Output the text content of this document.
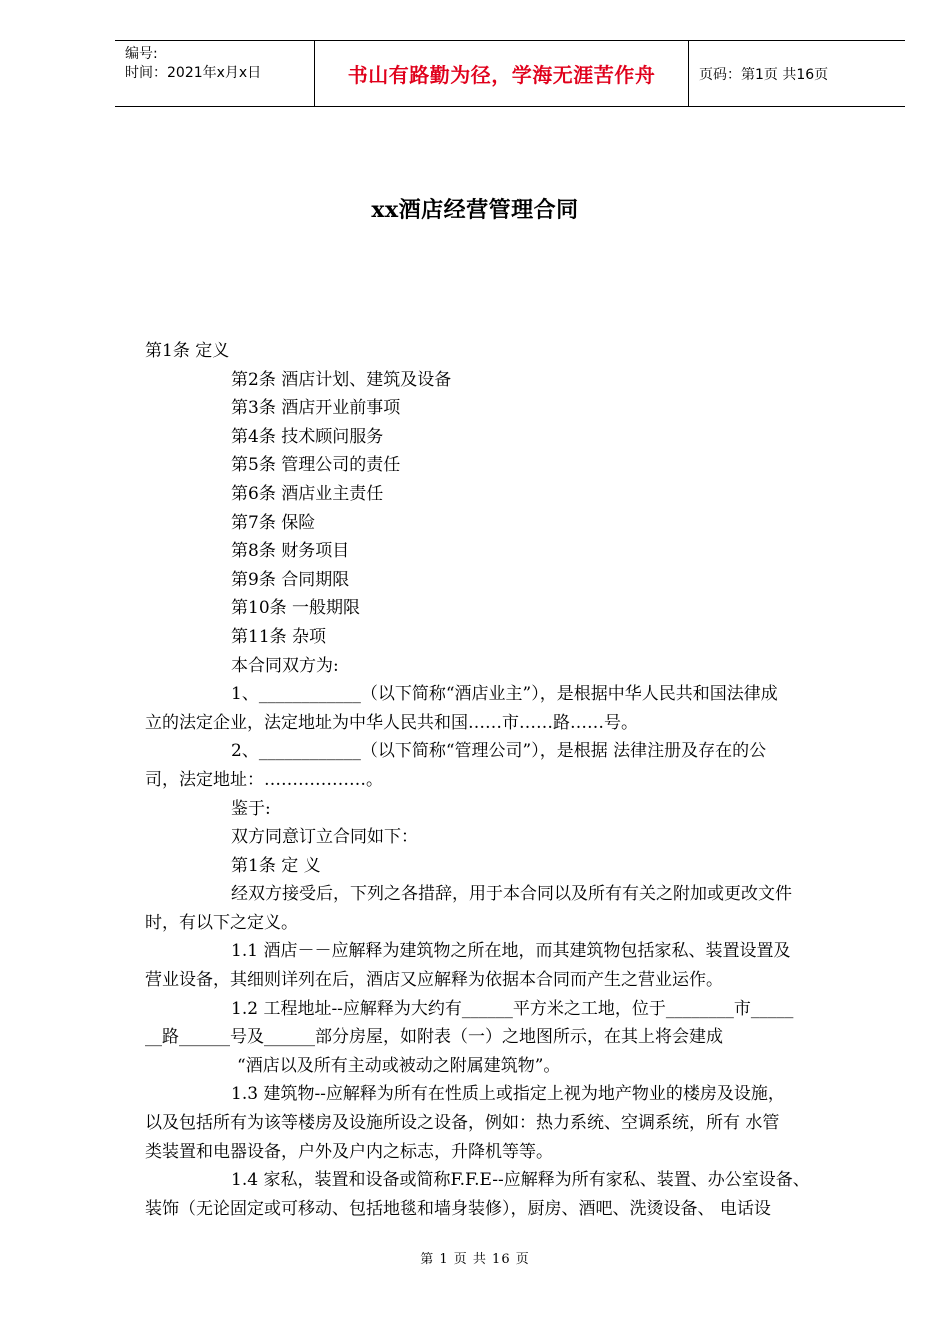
编号:
时间：2021年x月x日	书山有路勤为径，学海无涯苦作舟	页码：第1页 共16页
xx酒店经营管理合同
第1条 定义
第2条 酒店计划、建筑及设备
第3条 酒店开业前事项
第4条 技术顾问服务
第5条 管理公司的责任
第6条 酒店业主责任
第7条 保险
第8条 财务项目
第9条 合同期限
第10条 一般期限
第11条 杂项
本合同双方为:
1、____________（以下简称“酒店业主”），是根据中华人民共和国法律成
立的法定企业，法定地址为中华人民共和国……市……路……号。
2、____________（以下简称“管理公司”），是根据 法律注册及存在的公
司，法定地址：………………。
鉴于:
双方同意订立合同如下：
第1条 定 义
经双方接受后，下列之各措辞，用于本合同以及所有有关之附加或更改文件
时，有以下之定义。
1.1 酒店－－应解释为建筑物之所在地，而其建筑物包括家私、装置设置及
营业设备，其细则详列在后，酒店又应解释为依据本合同而产生之营业运作。
1.2 工程地址--应解释为大约有______平方米之工地，位于________市_____
__路______号及______部分房屋，如附表（一）之地图所示，在其上将会建成
“酒店以及所有主动或被动之附属建筑物”。
1.3 建筑物--应解释为所有在性质上或指定上视为地产物业的楼房及设施，
以及包括所有为该等楼房及设施所设之设备，例如：热力系统、空调系统，所有 水管
类装置和电器设备，户外及户内之标志，升降机等等。
1.4 家私，装置和设备或简称F.F.E--应解释为所有家私、装置、办公室设备、
装饰（无论固定或可移动、包括地毯和墙身装修），厨房、酒吧、洗烫设备、 电话设
第 1 页 共 16 页
